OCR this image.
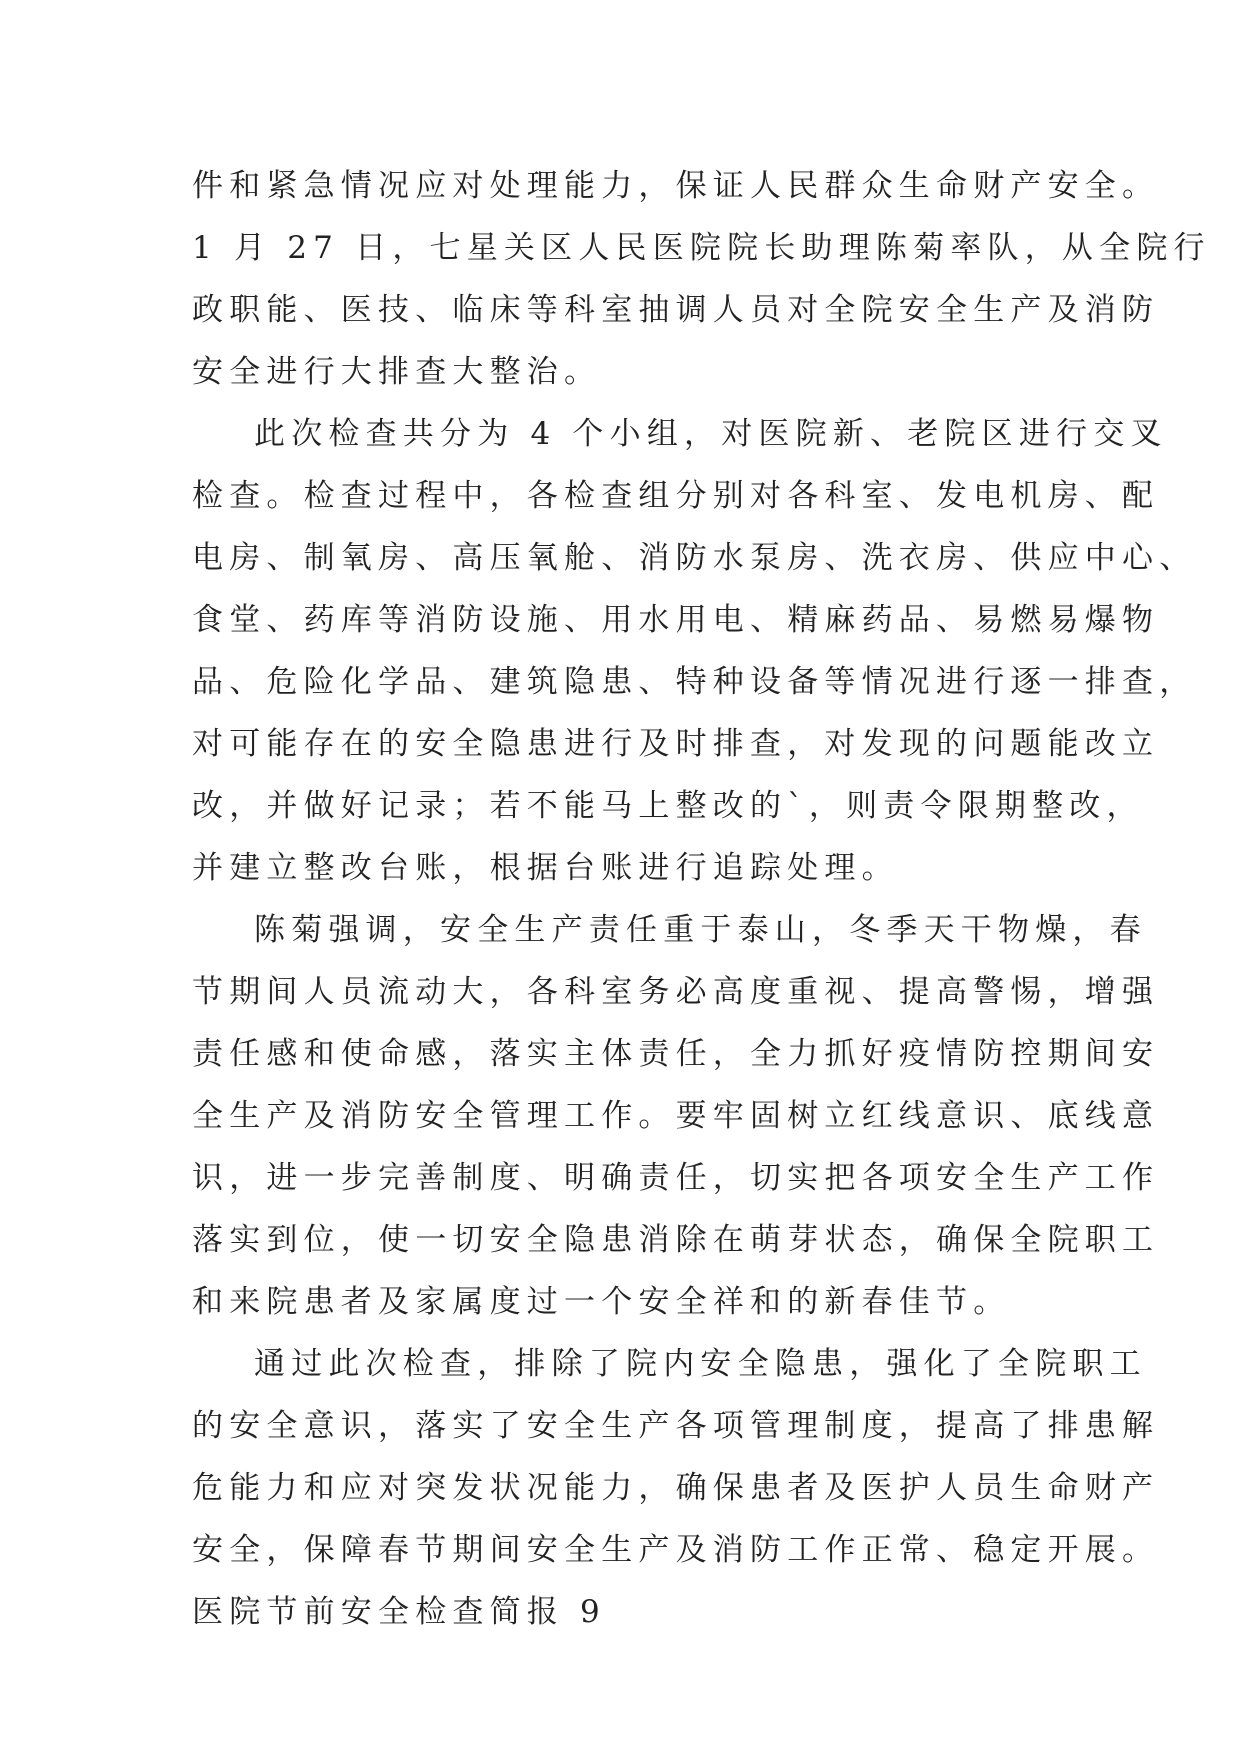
件和紧急情况应对处理能力，保证人民群众生命财产安全。
1 月 27 日，七星关区人民医院院长助理陈菊率队，从全院行
政职能、医技、临床等科室抽调人员对全院安全生产及消防
安全进行大排查大整治。
此次检查共分为 4 个小组，对医院新、老院区进行交叉
检查。检查过程中，各检查组分别对各科室、发电机房、配
电房、制氧房、高压氧舱、消防水泵房、洗衣房、供应中心、
食堂、药库等消防设施、用水用电、精麻药品、易燃易爆物
品、危险化学品、建筑隐患、特种设备等情况进行逐一排查，
对可能存在的安全隐患进行及时排查，对发现的问题能改立
改，并做好记录；若不能马上整改的`，则责令限期整改，
并建立整改台账，根据台账进行追踪处理。
陈菊强调，安全生产责任重于泰山，冬季天干物燥，春
节期间人员流动大，各科室务必高度重视、提高警惕，增强
责任感和使命感，落实主体责任，全力抓好疫情防控期间安
全生产及消防安全管理工作。要牢固树立红线意识、底线意
识，进一步完善制度、明确责任，切实把各项安全生产工作
落实到位，使一切安全隐患消除在萌芽状态，确保全院职工
和来院患者及家属度过一个安全祥和的新春佳节。
通过此次检查，排除了院内安全隐患，强化了全院职工
的安全意识，落实了安全生产各项管理制度，提高了排患解
危能力和应对突发状况能力，确保患者及医护人员生命财产
安全，保障春节期间安全生产及消防工作正常、稳定开展。
医院节前安全检查简报 9
